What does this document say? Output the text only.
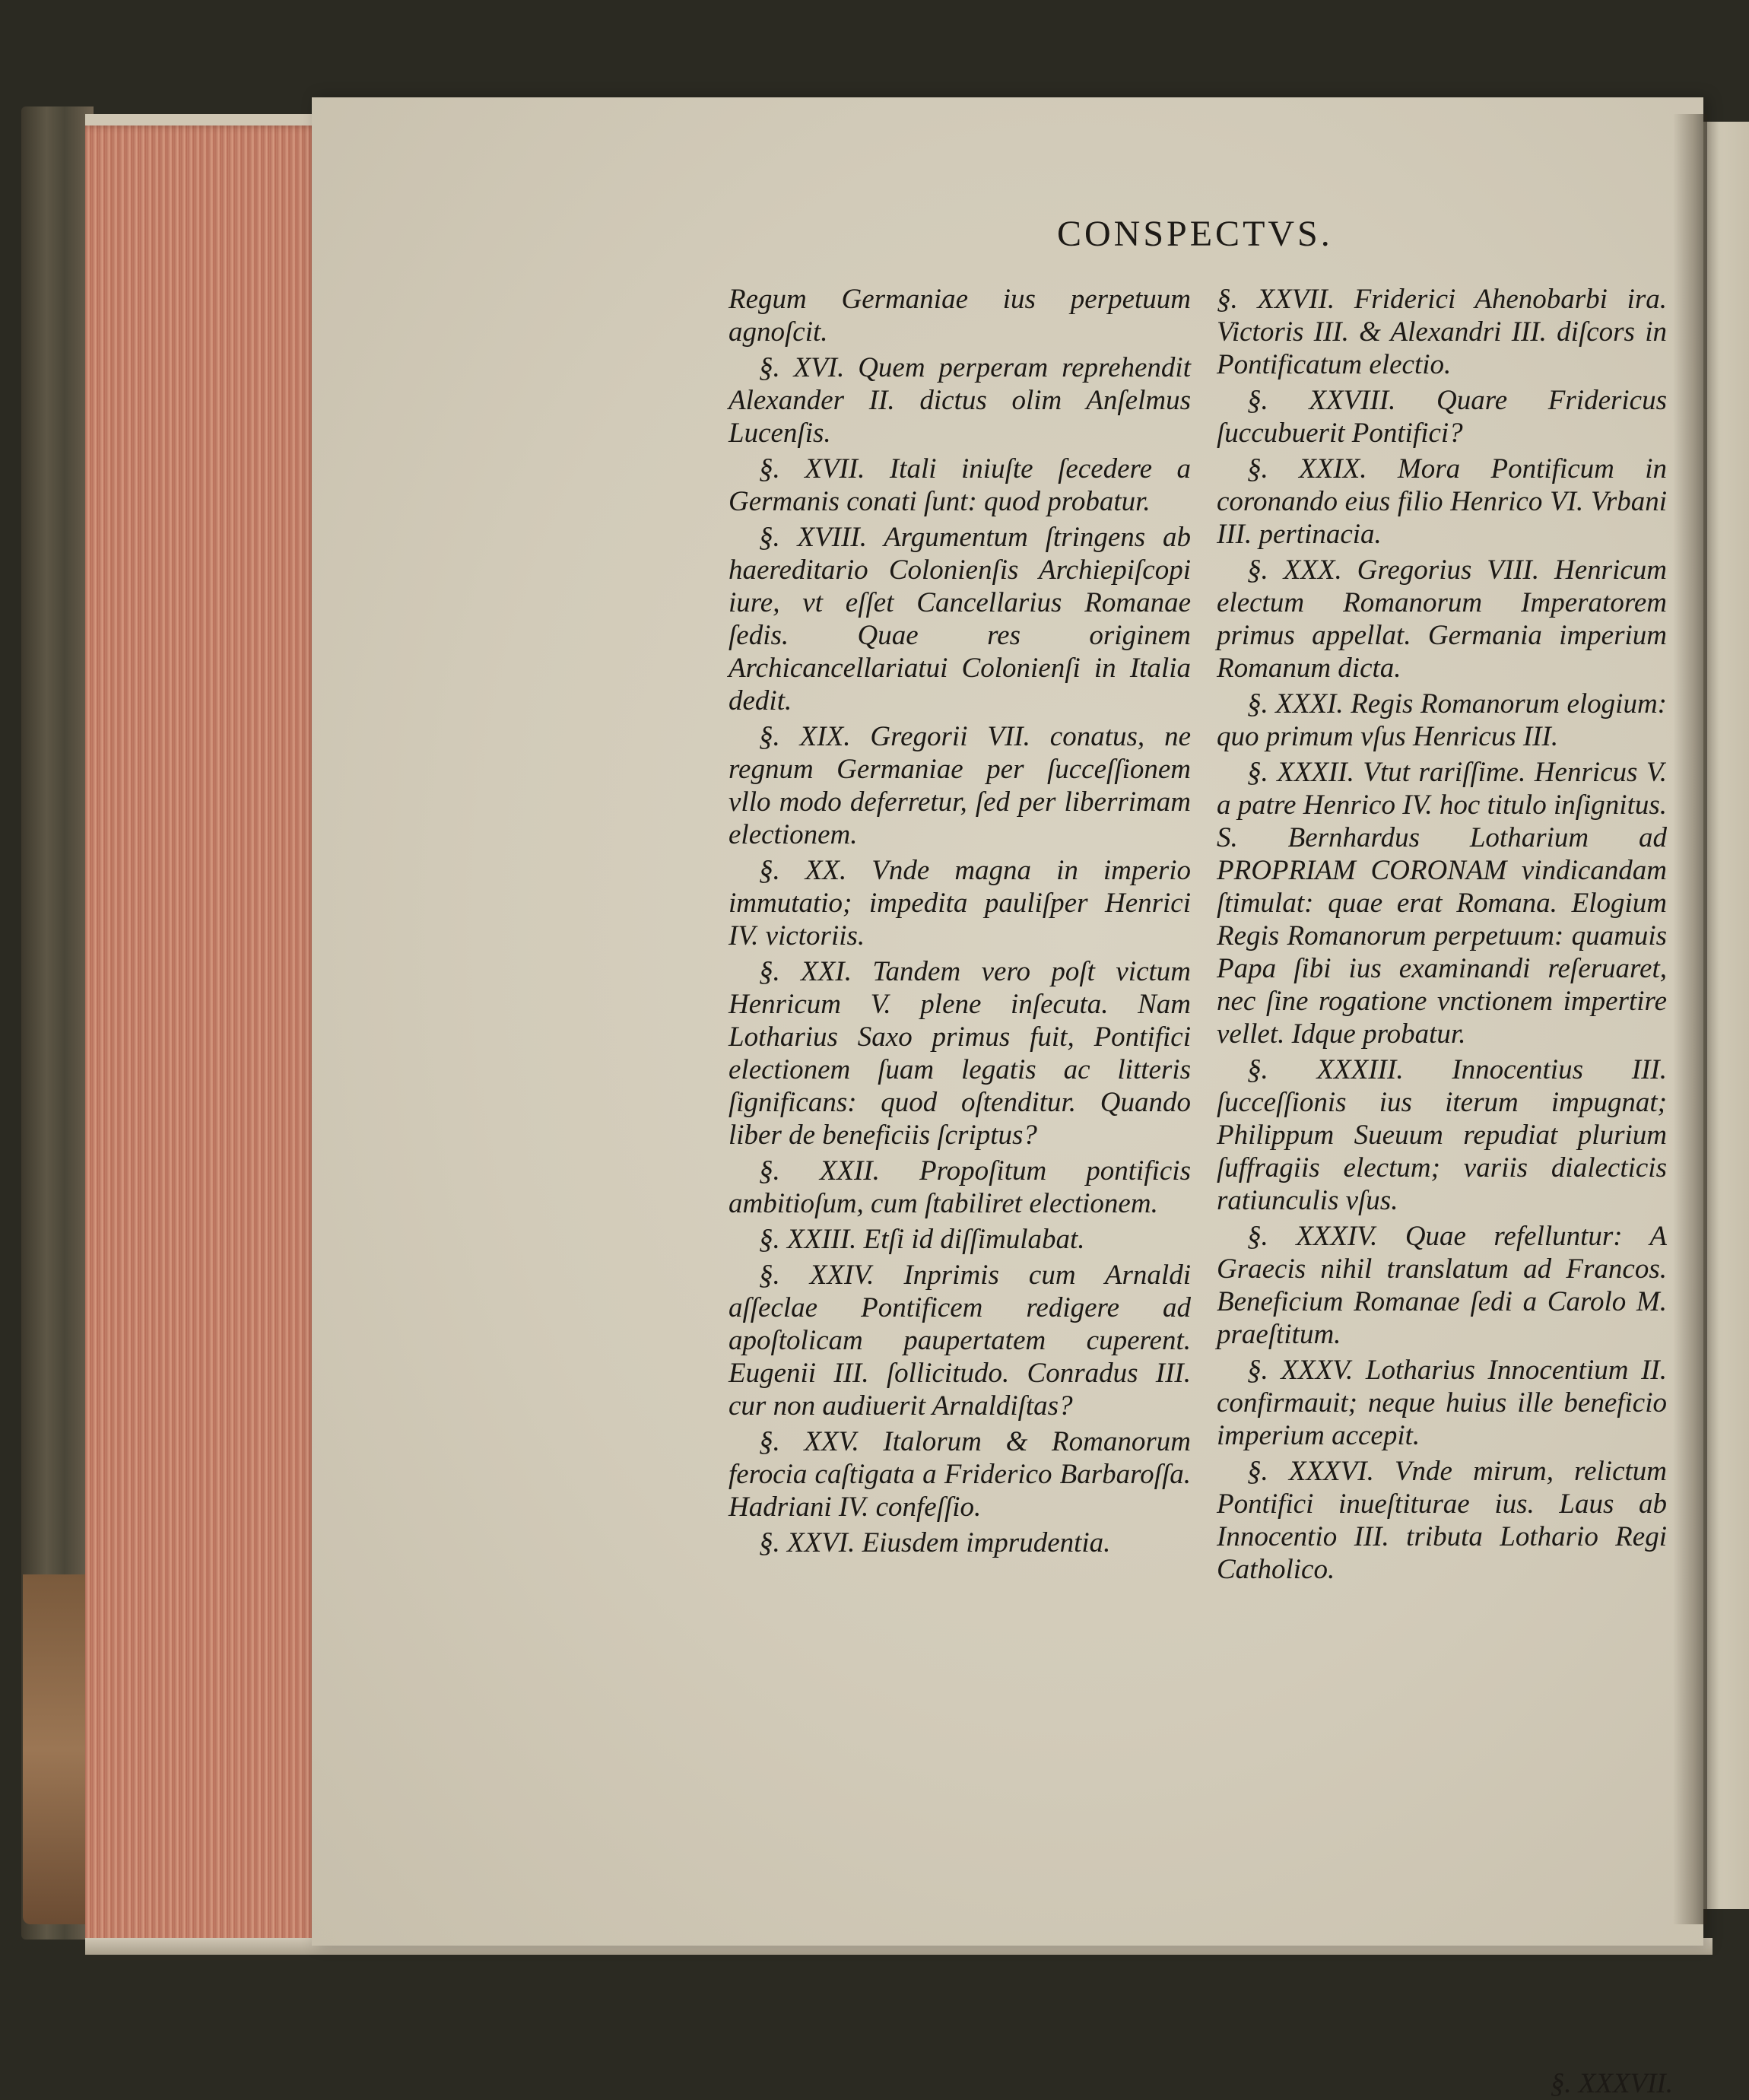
CONSPECTVS.

Regum Germaniae ius perpetuum agnoſcit.

§. XVI. Quem perperam reprehendit Alexander II. dictus olim Anſelmus Lucenſis.

§. XVII. Itali iniuſte ſecedere a Germanis conati ſunt: quod probatur.

§. XVIII. Argumentum ſtringens ab haereditario Colonienſis Archiepiſcopi iure, vt eſſet Cancellarius Romanae ſedis. Quae res originem Archicancellariatui Colonienſi in Italia dedit.

§. XIX. Gregorii VII. conatus, ne regnum Germaniae per ſucceſſionem vllo modo deferretur, ſed per liberrimam electionem.

§. XX. Vnde magna in imperio immutatio; impedita pauliſper Henrici IV. victoriis.

§. XXI. Tandem vero poſt victum Henricum V. plene inſecuta. Nam Lotharius Saxo primus fuit, Pontifici electionem ſuam legatis ac litteris ſignificans: quod oſtenditur. Quando liber de beneficiis ſcriptus?

§. XXII. Propoſitum pontificis ambitioſum, cum ſtabiliret electionem.

§. XXIII. Etſi id diſſimulabat.

§. XXIV. Inprimis cum Arnaldi aſſeclae Pontificem redigere ad apoſtolicam paupertatem cuperent. Eugenii III. ſollicitudo. Conradus III. cur non audiuerit Arnaldiſtas?

§. XXV. Italorum & Romanorum ferocia caſtigata a Friderico Barbaroſſa. Hadriani IV. confeſſio.

§. XXVI. Eiusdem imprudentia.

§. XXVII. Friderici Ahenobarbi ira. Victoris III. & Alexandri III. diſcors in Pontificatum electio.

§. XXVIII. Quare Fridericus ſuccubuerit Pontifici?

§. XXIX. Mora Pontificum in coronando eius filio Henrico VI. Vrbani III. pertinacia.

§. XXX. Gregorius VIII. Henricum electum Romanorum Imperatorem primus appellat. Germania imperium Romanum dicta.

§. XXXI. Regis Romanorum elogium: quo primum vſus Henricus III.

§. XXXII. Vtut rariſſime. Henricus V. a patre Henrico IV. hoc titulo inſignitus. S. Bernhardus Lotharium ad PROPRIAM CORONAM vindicandam ſtimulat: quae erat Romana. Elogium Regis Romanorum perpetuum: quamuis Papa ſibi ius examinandi reſeruaret, nec ſine rogatione vnctionem impertire vellet. Idque probatur.

§. XXXIII. Innocentius III. ſucceſſionis ius iterum impugnat; Philippum Sueuum repudiat plurium ſuffragiis electum; variis dialecticis ratiunculis vſus.

§. XXXIV. Quae refelluntur: A Graecis nihil translatum ad Francos. Beneficium Romanae ſedi a Carolo M. praeſtitum.

§. XXXV. Lotharius Innocentium II. confirmauit; neque huius ille beneficio imperium accepit.

§. XXXVI. Vnde mirum, relictum Pontifici inueſtiturae ius. Laus ab Innocentio III. tributa Lothario Regi Catholico.

§. XXXVII.
